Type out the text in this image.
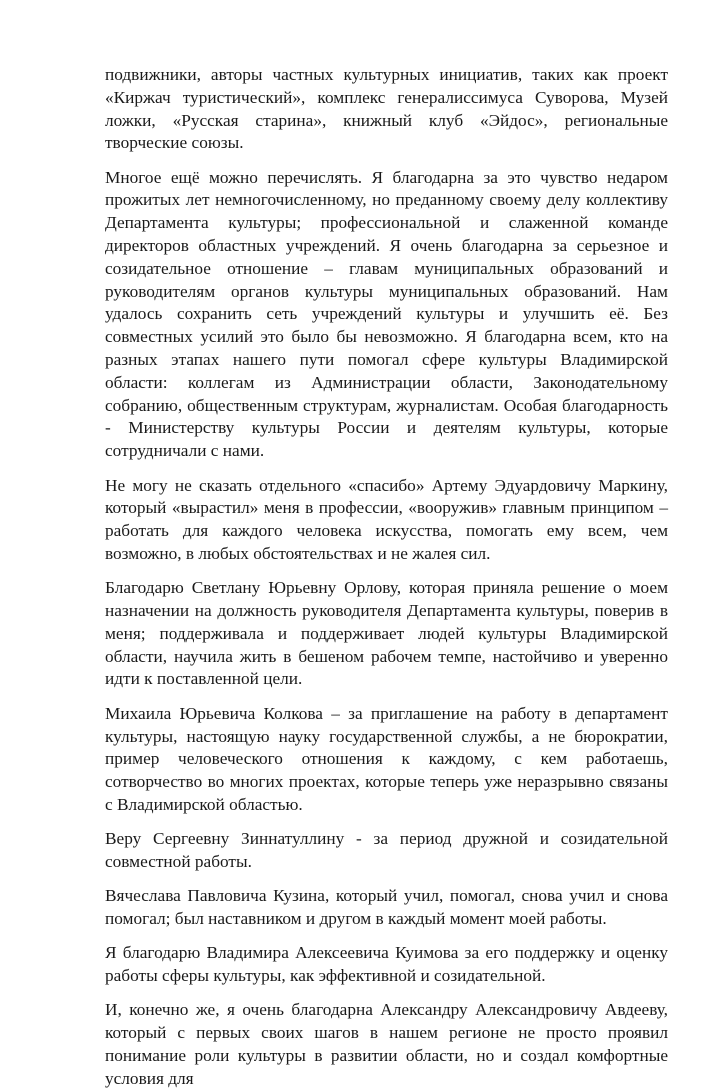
подвижники, авторы частных культурных инициатив, таких как проект «Киржач туристический», комплекс генералиссимуса Суворова, Музей ложки, «Русская старина», книжный клуб «Эйдос», региональные творческие союзы.

Многое ещё можно перечислять. Я благодарна за это чувство недаром прожитых лет немногочисленному, но преданному своему делу коллективу Департамента культуры; профессиональной и слаженной команде директоров областных учреждений. Я очень благодарна за серьезное и созидательное отношение – главам муниципальных образований и руководителям органов культуры муниципальных образований. Нам удалось сохранить сеть учреждений культуры и улучшить её. Без совместных усилий это было бы невозможно. Я благодарна всем, кто на разных этапах нашего пути помогал сфере культуры Владимирской области: коллегам из Администрации области, Законодательному собранию, общественным структурам, журналистам. Особая благодарность - Министерству культуры России и деятелям культуры, которые сотрудничали с нами.

Не могу не сказать отдельного «спасибо» Артему Эдуардовичу Маркину, который «вырастил» меня в профессии, «вооружив» главным принципом – работать для каждого человека искусства, помогать ему всем, чем возможно, в любых обстоятельствах и не жалея сил.

Благодарю Светлану Юрьевну Орлову, которая приняла решение о моем назначении на должность руководителя Департамента культуры, поверив в меня; поддерживала и поддерживает людей культуры Владимирской области, научила жить в бешеном рабочем темпе, настойчиво и уверенно идти к поставленной цели.

Михаила Юрьевича Колкова – за приглашение на работу в департамент культуры, настоящую науку государственной службы, а не бюрократии, пример человеческого отношения к каждому, с кем работаешь, сотворчество во многих проектах, которые теперь уже неразрывно связаны с Владимирской областью.

Веру Сергеевну Зиннатуллину - за период дружной и созидательной совместной работы.

Вячеслава Павловича Кузина, который учил, помогал, снова учил и снова помогал; был наставником и другом в каждый момент моей работы.

Я благодарю Владимира Алексеевича Куимова за его поддержку и оценку работы сферы культуры, как эффективной и созидательной.

И, конечно же, я очень благодарна Александру Александровичу Авдееву, который с первых своих шагов в нашем регионе не просто проявил понимание роли культуры в развитии области, но и создал комфортные условия для
